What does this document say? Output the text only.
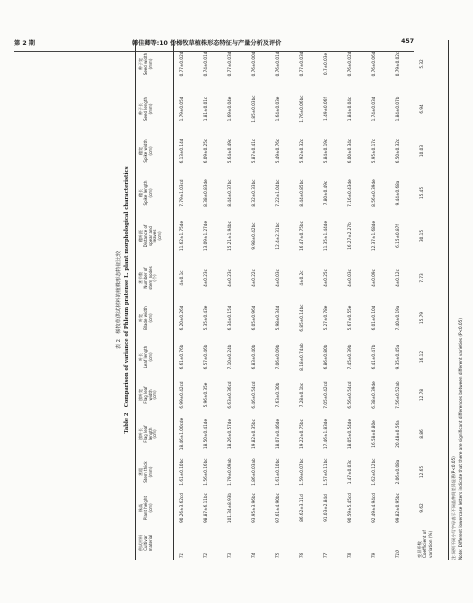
第 2 期	韩佳卿等:10 份梯牧草植株形态特征与产量分析及评价	457
表 2　梯牧草供试材料的植株形态特征比较 Table 2　Comparison of variance of Phleum pratense L. plant morphological characteristics
供试材料
Cultivar
material
株高
Plant height
(cm)
茎粗
Stem thick
(mm)
旗叶长
Flag leaf
length
(cm)
旗叶宽
Flag leaf
width
(cm)
叶长
Leaf length
(cm)
叶宽
Blade width
(cm)
茎节数
Number of
stem nodes
(个)
穗叶距
Distance of
spear and
leaves
(cm)
穗长
Spike length
(cm)
穗宽
Spike width
(cm)
种子长
Seed length
(mm)
种子宽
Seed width
(mm)
T1
90.26±3.62cd
1.61±0.10bc
18.46±1.00cde
6.99±0.42cd
6.61±0.76b
6.20±0.26d
4±0.1c
11.62±1.75de
7.79±1.03cd
6.13±0.14d
1.79±0.05d
0.77±0.02d
T2
98.87±6.11bc
1.56±0.16bc
18.50±0.41de
5.96±0.35e
6.57±0.46b
5.35±0.43e
4±0.23c
13.09±1.27de
8.38±0.83de
6.09±0.25c
1.81±0.01c
0.74±0.01d
T3
101.34±8.93b
1.79±0.09ab
18.26±0.57de
6.63±0.36cd
7.10±0.24b
6.34±0.15d
4±0.23c
15.21±1.94bc
8.44±0.37bc
5.64±0.49c
1.69±0.04e
0.77±0.03d
T4
93.95±3.96bc
1.86±0.03ab
19.82±0.35bc
6.46±0.54cd
6.83±0.40b
6.05±0.96d
4±0.22c
9.98±0.42bc
8.32±0.33bc
5.87±0.41c
1.85±0.03bc
0.76±0.00d
T5
97.61±4.90bc
1.61±0.10bc
18.07±0.46de
7.63±0.30b
7.06±0.09b
5.98±0.34d
4±0.03c
12.4±2.31bc
7.22±1.04bc
5.49±0.76c
1.64±0.03e
0.76±0.01d
T6
86.62±3.11d
1.59±0.07bc
19.22±0.75bc
7.28±0.1bc
8.18±0.74ab
6.85±0.14bc
4±0.2c
16.47±0.75bc
8.44±0.85bc
5.92±0.32c
1.76±0.06bc
0.77±0.03d
T7
91.03±2.84d
1.57±0.11bc
17.46±1.83de
7.05±0.42cd
6.86±0.80b
5.27±0.78e
4±0.25c
11.35±1.44de
7.80±0.49c
5.84±0.19c
1.49±0.06f
0.7±0.03e
T8
90.59±5.45cd
1.47±0.03c
18.05±0.54de
6.56±0.54cd
7.45±0.39b
5.67±0.55e
4±0.03c
16.27±2.27b
7.16±0.43de
6.00±0.34c
1.84±0.04c
0.76±0.02d
T9
92.49±4.94cd
1.62±0.12bc
16.58±0.80e
6.38±0.39de
6.41±0.47b
6.01±0.10d
4±0.09c
12.37±1.68de
8.56±0.39de
5.95±0.17c
1.74±0.03d
0.76±0.06d
T10
99.82±0.95bc
2.06±0.08a
20.48±0.56a
7.56±0.52ab
9.35±0.45a
7.40±0.19a
4±0.12c
6.15±0.87f
9.44±0.68a
6.50±0.32c
1.84±0.07b
0.79±0.02c
变异系数
Coefficient of
variation (%)
9.62
12.65
8.86
12.78
16.12
15.79
7.73
30.15
15.45
10.03
6.94
5.32
注:同列不同小写字母表示不同品种间差异显著(P<0.05) Note: Different lowercase letters indicate that there are significant differences between different varieties (P<0.05)
